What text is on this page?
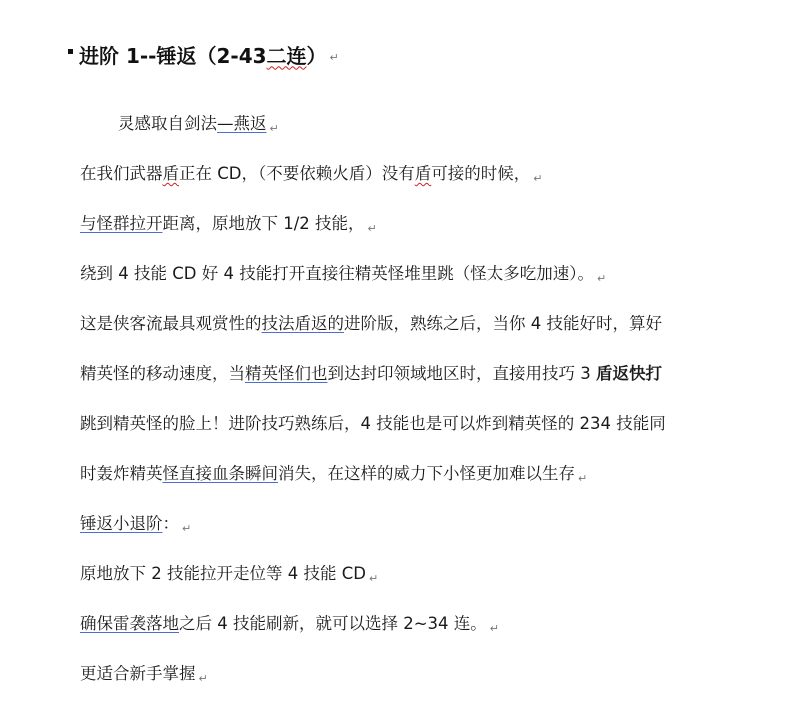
进阶 1--锤返（2-43 二连 ） ↵
灵感取自剑法—燕返 ↵
在我们武器盾正在 CD，（不要依赖火盾）没有盾可接的时候， ↵
与怪群拉开距离，原地放下 1/2 技能， ↵
绕到 4 技能 CD 好 4 技能打开直接往精英怪堆里跳（怪太多吃加速）。 ↵
这是侠客流最具观赏性的技法盾返的进阶版，熟练之后，当你 4 技能好时，算好
精英怪的移动速度，当精英怪们也到达封印领域地区时，直接用技巧 3 盾返快打
跳到精英怪的脸上！进阶技巧熟练后，4 技能也是可以炸到精英怪的 234 技能同
时轰炸精英怪直接血条瞬间消失，在这样的威力下小怪更加难以生存 ↵
锤返小退阶： ↵
原地放下 2 技能拉开走位等 4 技能 CD ↵
确保雷袭落地之后 4 技能刷新，就可以选择 2~34 连。 ↵
更适合新手掌握 ↵
